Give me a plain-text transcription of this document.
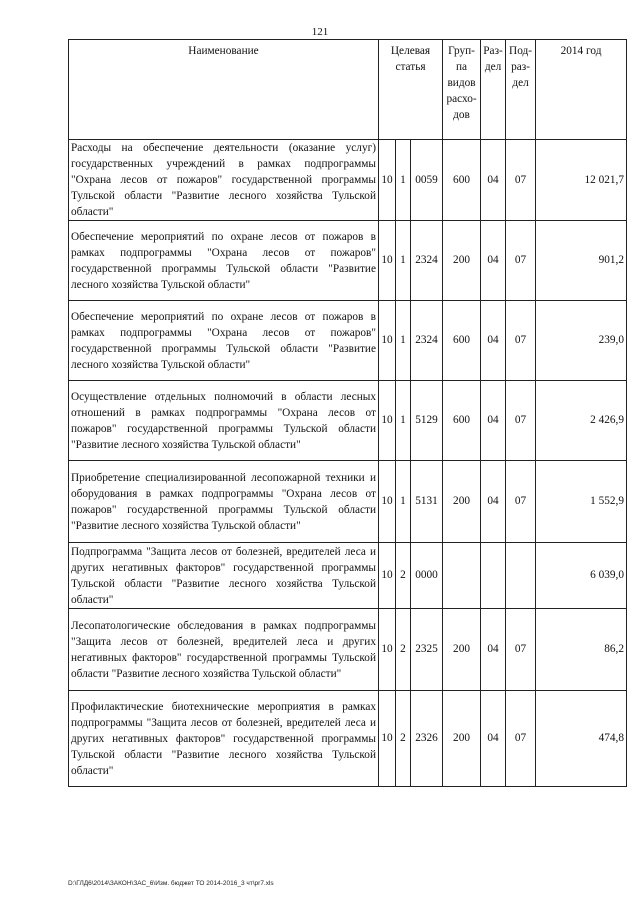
121
Наименование	Целевая статья			Груп-па видов расхо-дов	Раз-дел	Под-раз-дел	2014 год
Расходы на обеспечение деятельности (оказание услуг) государственных учреждений в рамках подпрограммы "Охрана лесов от пожаров" государственной программы Тульской области "Развитие лесного хозяйства Тульской области"	10	1	0059	600	04	07	12 021,7
Обеспечение мероприятий по охране лесов от пожаров в рамках подпрограммы "Охрана лесов от пожаров" государственной программы Тульской области "Развитие лесного хозяйства Тульской области"	10	1	2324	200	04	07	901,2
Обеспечение мероприятий по охране лесов от пожаров в рамках подпрограммы "Охрана лесов от пожаров" государственной программы Тульской области "Развитие лесного хозяйства Тульской области"	10	1	2324	600	04	07	239,0
Осуществление отдельных полномочий в области лесных отношений в рамках подпрограммы "Охрана лесов от пожаров" государственной программы Тульской области "Развитие лесного хозяйства Тульской области"	10	1	5129	600	04	07	2 426,9
Приобретение специализированной лесопожарной техники и оборудования в рамках подпрограммы "Охрана лесов от пожаров" государственной программы Тульской области "Развитие лесного хозяйства Тульской области"	10	1	5131	200	04	07	1 552,9
Подпрограмма "Защита лесов от болезней, вредителей леса и других негативных факторов" государственной программы Тульской области "Развитие лесного хозяйства Тульской области"	10	2	0000				6 039,0
Лесопатологические обследования в рамках подпрограммы "Защита лесов от болезней, вредителей леса и других негативных факторов" государственной программы Тульской области "Развитие лесного хозяйства Тульской области"	10	2	2325	200	04	07	86,2
Профилактические биотехнические мероприятия в рамках подпрограммы "Защита лесов от болезней, вредителей леса и других негативных факторов" государственной программы Тульской области "Развитие лесного хозяйства Тульской области"	10	2	2326	200	04	07	474,8
D:\ГЛД6\2014\ЗАКОН\ЗАС_6\Изм. бюджет ТО 2014-2016_3 чт\pr7.xls
